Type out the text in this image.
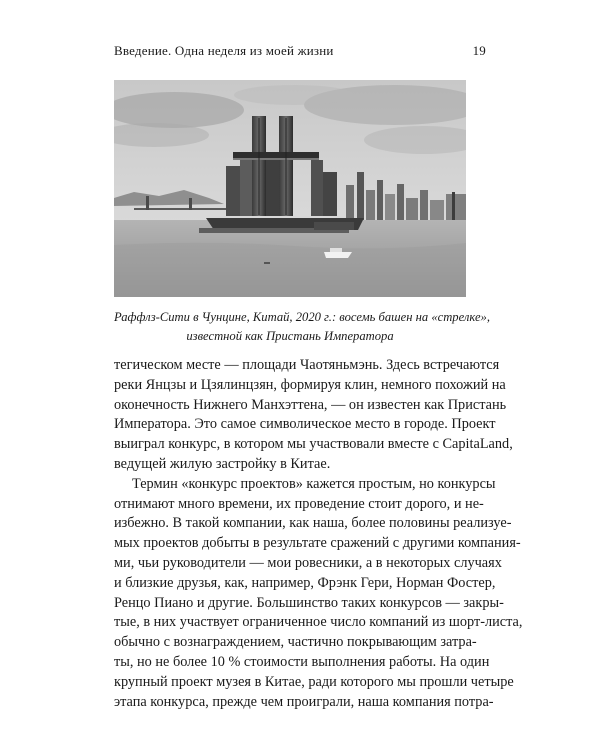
Введение. Одна неделя из моей жизни	19
Раффлз-Сити в Чунцине, Китай, 2020 г.: восемь башен на «стрелке»,
известной как Пристань Императора
тегическом месте — площади Чаотяньмэнь. Здесь встречаются
реки Янцзы и Цзялинцзян, формируя клин, немного похожий на
оконечность Нижнего Манхэттена, — он известен как Пристань
Императора. Это самое символическое место в городе. Проект
выиграл конкурс, в котором мы участвовали вместе с CapitaLand,
ведущей жилую застройку в Китае.
Термин «конкурс проектов» кажется простым, но конкурсы
отнимают много времени, их проведение стоит дорого, и не-
избежно. В такой компании, как наша, более половины реализуе-
мых проектов добыты в результате сражений с другими компания-
ми, чьи руководители — мои ровесники, а в некоторых случаях
и близкие друзья, как, например, Фрэнк Гери, Норман Фостер,
Ренцо Пиано и другие. Большинство таких конкурсов — закры-
тые, в них участвует ограниченное число компаний из шорт-листа,
обычно с вознаграждением, частично покрывающим затра-
ты, но не более 10 % стоимости выполнения работы. На один
крупный проект музея в Китае, ради которого мы прошли четыре
этапа конкурса, прежде чем проиграли, наша компания потра-
